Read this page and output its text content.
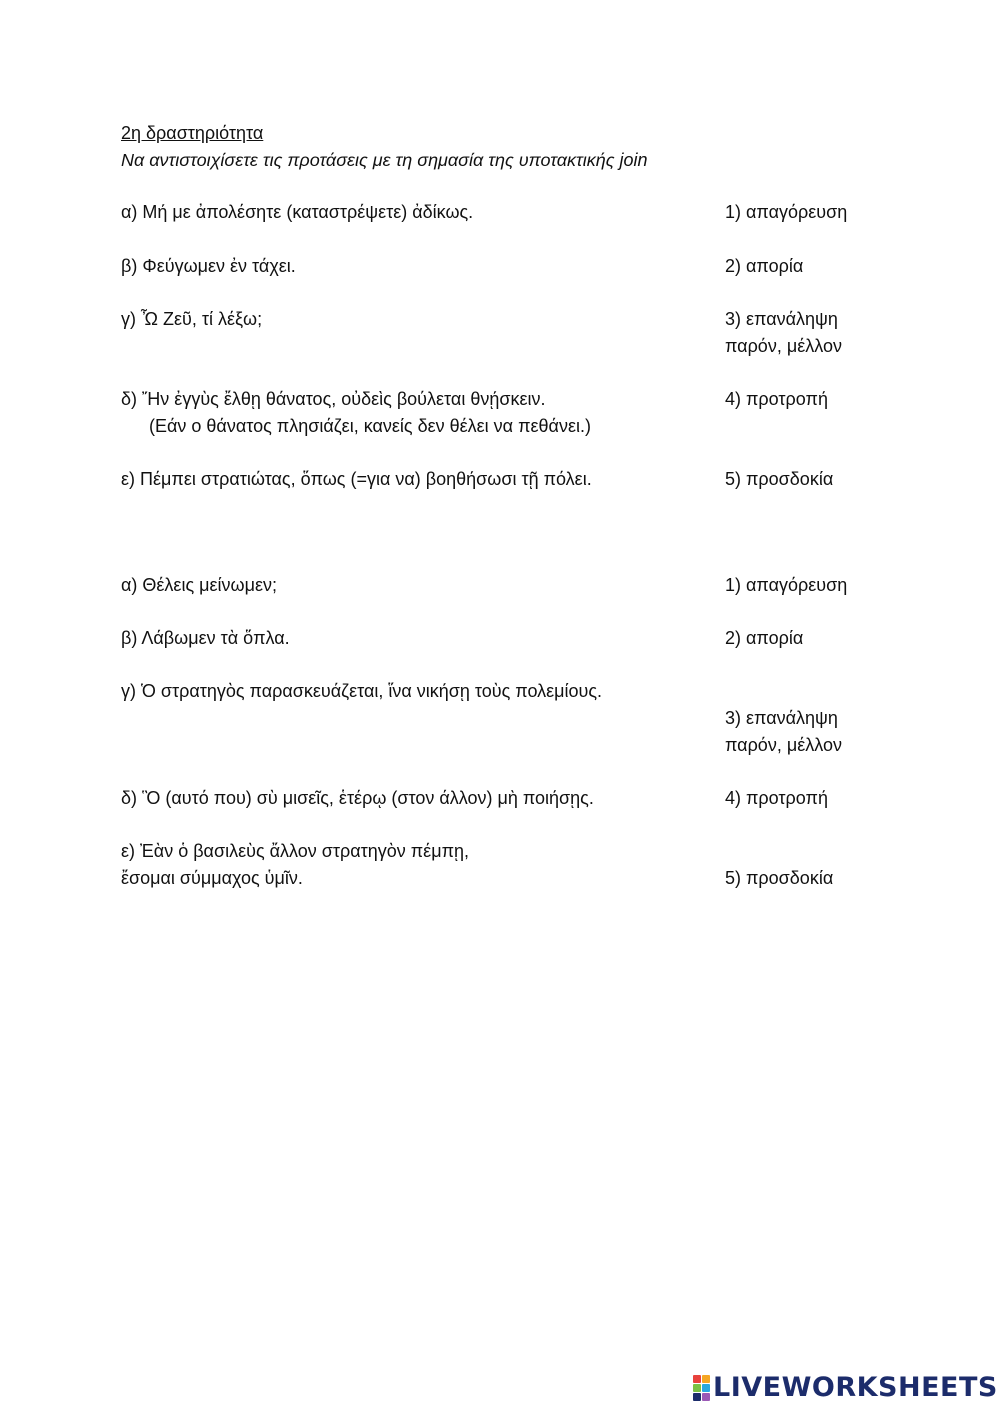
2η δραστηριότητα
Να αντιστοιχίσετε τις προτάσεις με τη σημασία της υποτακτικής join
α) Μή με ἀπολέσητε (καταστρέψετε) ἀδίκως.
β) Φεύγωμεν ἐν τάχει.
γ) Ὦ Ζεῦ, τί λέξω;
δ) Ἤν ἐγγὺς ἔλθῃ θάνατος, οὐδεὶς βούλεται θνῄσκειν.
(Εάν ο θάνατος πλησιάζει, κανείς δεν θέλει να πεθάνει.)
ε) Πέμπει στρατιώτας, ὅπως (=για να) βοηθήσωσι τῇ πόλει.
1) απαγόρευση
2) απορία
3) επανάληψη
παρόν, μέλλον
4) προτροπή
5) προσδοκία
α) Θέλεις μείνωμεν;
β) Λάβωμεν τὰ ὅπλα.
γ) Ὁ στρατηγὸς παρασκευάζεται, ἵνα νικήσῃ τοὺς πολεμίους.
δ) Ὃ (αυτό που) σὺ μισεῖς, ἑτέρῳ (στον άλλον) μὴ ποιήσῃς.
ε) Ἐὰν ὁ βασιλεὺς ἄλλον στρατηγὸν πέμπῃ,
ἔσομαι σύμμαχος ὑμῖν.
1) απαγόρευση
2) απορία
3) επανάληψη
παρόν, μέλλον
4) προτροπή
5) προσδοκία
LIVEWORKSHEETS
